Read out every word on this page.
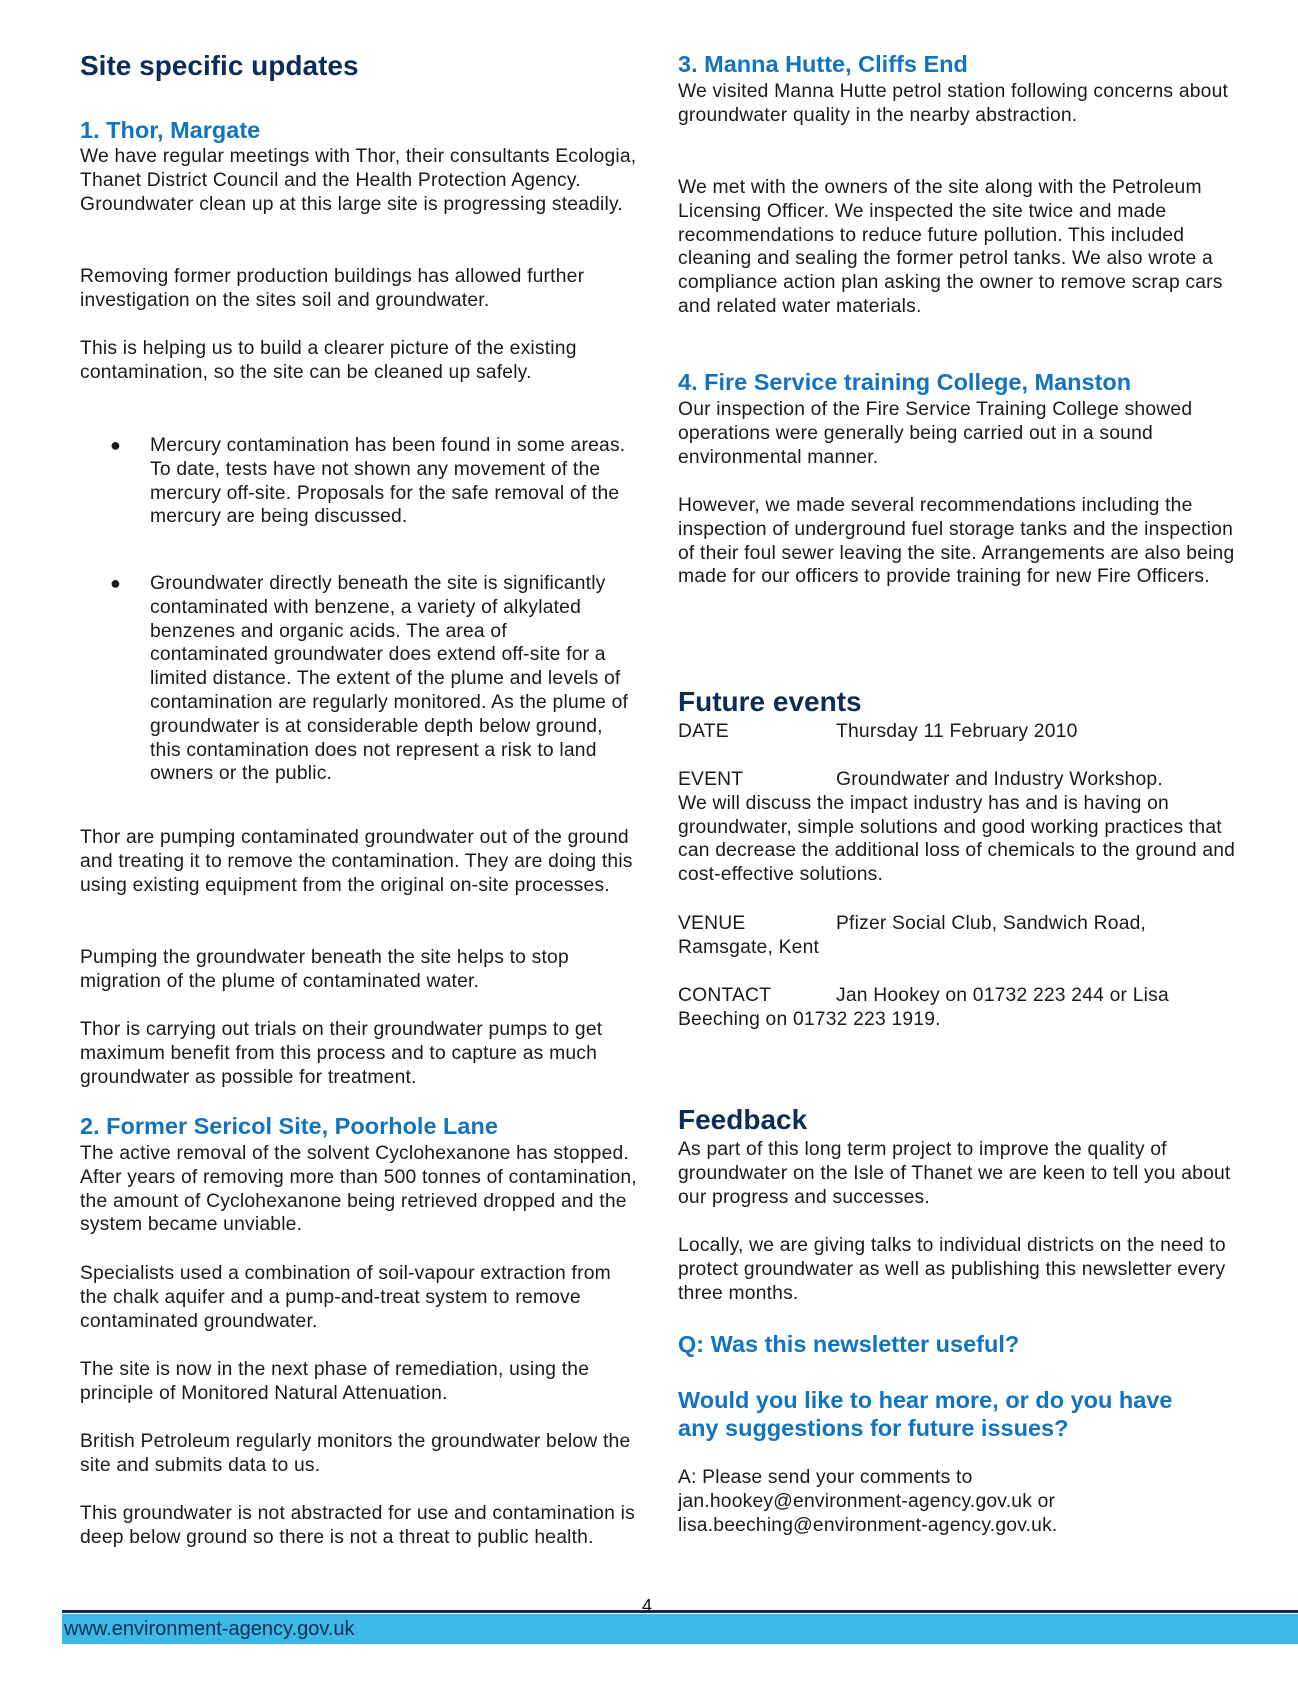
Site specific updates
1. Thor, Margate

We have regular meetings with Thor, their consultants Ecologia, Thanet District Council and the Health Protection Agency. Groundwater clean up at this large site is progressing steadily.

Removing former production buildings has allowed further investigation on the sites soil and groundwater.

This is helping us to build a clearer picture of the existing contamination, so the site can be cleaned up safely.

● Mercury contamination has been found in some areas. To date, tests have not shown any movement of the mercury off-site. Proposals for the safe removal of the mercury are being discussed.

● Groundwater directly beneath the site is significantly contaminated with benzene, a variety of alkylated benzenes and organic acids. The area of contaminated groundwater does extend off-site for a limited distance. The extent of the plume and levels of contamination are regularly monitored. As the plume of groundwater is at considerable depth below ground, this contamination does not represent a risk to land owners or the public.

Thor are pumping contaminated groundwater out of the ground and treating it to remove the contamination. They are doing this using existing equipment from the original on-site processes.

Pumping the groundwater beneath the site helps to stop migration of the plume of contaminated water.

Thor is carrying out trials on their groundwater pumps to get maximum benefit from this process and to capture as much groundwater as possible for treatment.

2. Former Sericol Site, Poorhole Lane

The active removal of the solvent Cyclohexanone has stopped. After years of removing more than 500 tonnes of contamination, the amount of Cyclohexanone being retrieved dropped and the system became unviable.

Specialists used a combination of soil-vapour extraction from the chalk aquifer and a pump-and-treat system to remove contaminated groundwater.

The site is now in the next phase of remediation, using the principle of Monitored Natural Attenuation.

British Petroleum regularly monitors the groundwater below the site and submits data to us.

This groundwater is not abstracted for use and contamination is deep below ground so there is not a threat to public health.

3. Manna Hutte, Cliffs End

We visited Manna Hutte petrol station following concerns about groundwater quality in the nearby abstraction.

We met with the owners of the site along with the Petroleum Licensing Officer. We inspected the site twice and made recommendations to reduce future pollution. This included cleaning and sealing the former petrol tanks. We also wrote a compliance action plan asking the owner to remove scrap cars and related water materials.

4. Fire Service training College, Manston

Our inspection of the Fire Service Training College showed operations were generally being carried out in a sound environmental manner.

However, we made several recommendations including the inspection of underground fuel storage tanks and the inspection of their foul sewer leaving the site. Arrangements are also being made for our officers to provide training for new Fire Officers.

Future events

DATE	Thursday 11 February 2010

EVENT	Groundwater and Industry Workshop.

We will discuss the impact industry has and is having on groundwater, simple solutions and good working practices that can decrease the additional loss of chemicals to the ground and cost-effective solutions.

VENUE	Pfizer Social Club, Sandwich Road, Ramsgate, Kent

CONTACT	Jan Hookey on 01732 223 244 or Lisa Beeching on 01732 223 1919.

Feedback

As part of this long term project to improve the quality of groundwater on the Isle of Thanet we are keen to tell you about our progress and successes.

Locally, we are giving talks to individual districts on the need to protect groundwater as well as publishing this newsletter every three months.

Q: Was this newsletter useful?
Would you like to hear more, or do you have any suggestions for future issues?

A: Please send your comments to

jan.hookey@environment-agency.gov.uk or

lisa.beeching@environment-agency.gov.uk.

www.environment-agency.gov.uk
4
